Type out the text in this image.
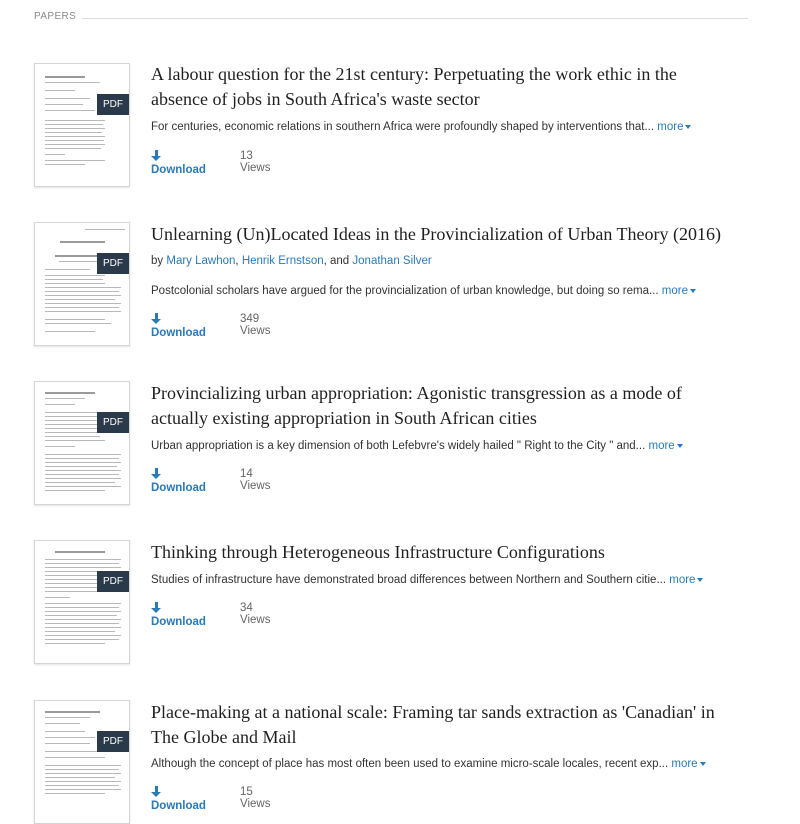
PAPERS
PDF
A labour question for the 21st century: Perpetuating the work ethic in the
absence of jobs in South Africa's waste sector
For centuries, economic relations in southern Africa were profoundly shaped by interventions that... more
Download
13 Views
PDF
Unlearning (Un)Located Ideas in the Provincialization of Urban Theory (2016)
by Mary Lawhon, Henrik Ernstson, and Jonathan Silver
Postcolonial scholars have argued for the provincialization of urban knowledge, but doing so rema... more
Download
349 Views
PDF
Provincializing urban appropriation: Agonistic transgression as a mode of
actually existing appropriation in South African cities
Urban appropriation is a key dimension of both Lefebvre's widely hailed " Right to the City " and... more
Download
14 Views
PDF
Thinking through Heterogeneous Infrastructure Configurations
Studies of infrastructure have demonstrated broad differences between Northern and Southern citie... more
Download
34 Views
PDF
Place-making at a national scale: Framing tar sands extraction as 'Canadian' in
The Globe and Mail
Although the concept of place has most often been used to examine micro-scale locales, recent exp... more
Download
15 Views
